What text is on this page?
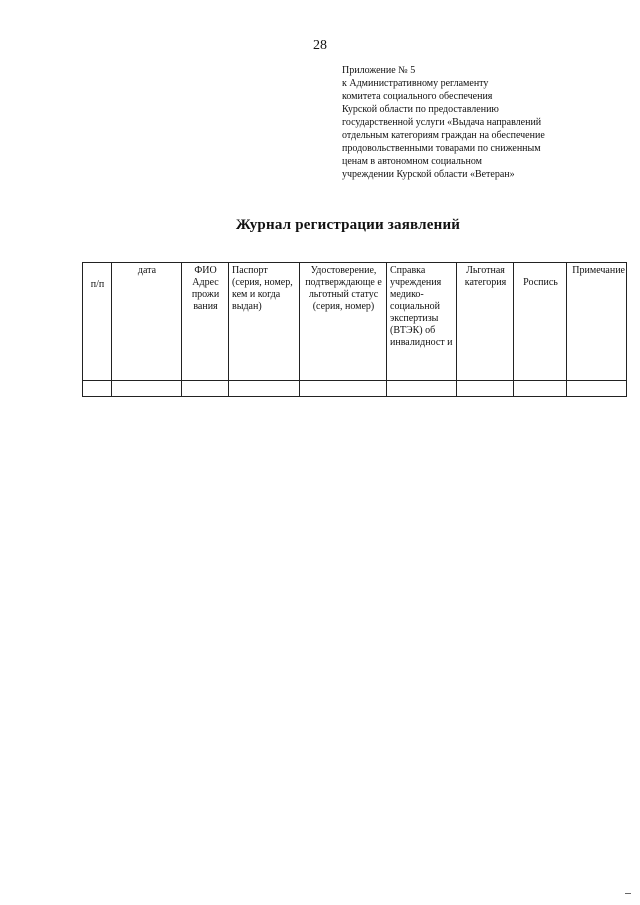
28
Приложение № 5
к Административному регламенту
комитета социального обеспечения
Курской области по предоставлению
государственной услуги «Выдача направлений
отдельным категориям граждан на обеспечение
продовольственными товарами по сниженным
ценам в автономном социальном
учреждении Курской области «Ветеран»
Журнал регистрации заявлений
п/п	дата	ФИО Адрес прожи вания	Паспорт (серия, номер, кем и когда выдан)	Удостоверение, подтверждающе е льготный статус (серия, номер)	Справка учреждения медико-социальной экспертизы (ВТЭК) об инвалидност и	Льготная категория	Роспись	Примечание
